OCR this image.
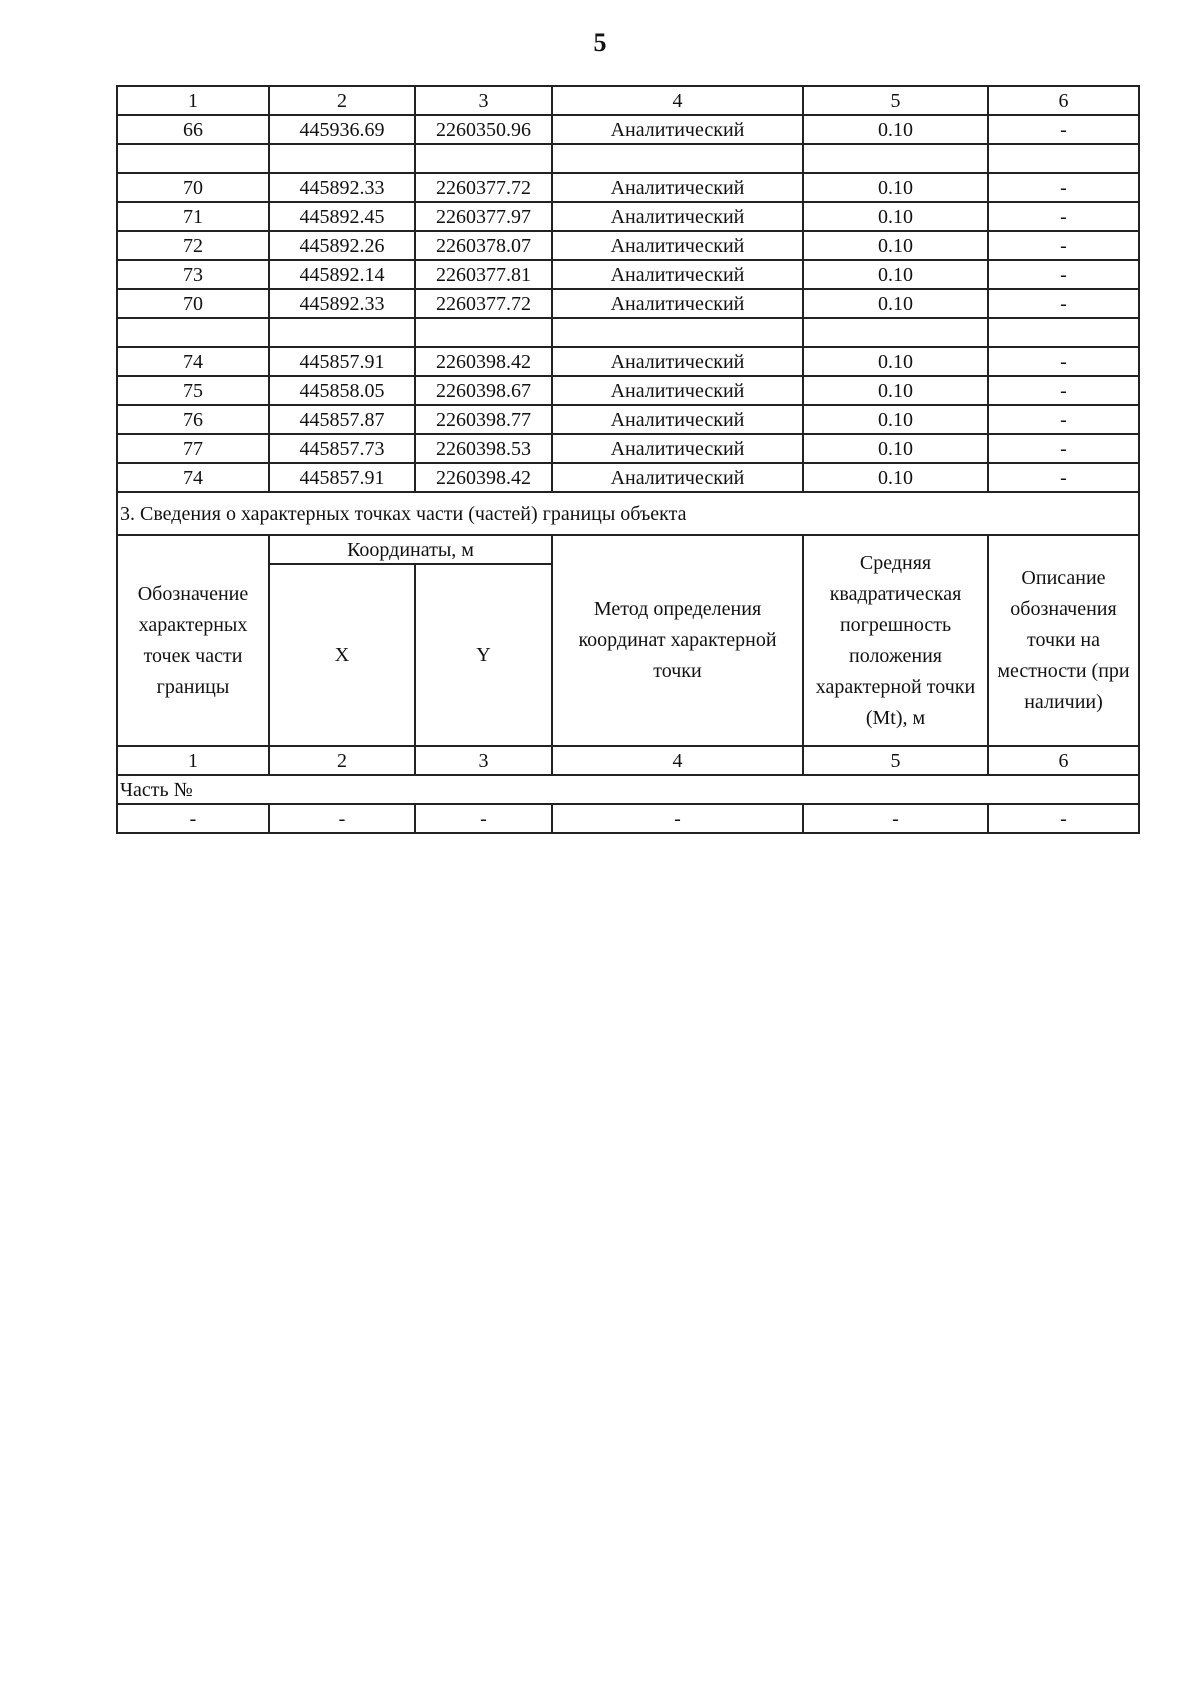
5
1	2	3	4	5	6
66	445936.69	2260350.96	Аналитический	0.10	-

70	445892.33	2260377.72	Аналитический	0.10	-
71	445892.45	2260377.97	Аналитический	0.10	-
72	445892.26	2260378.07	Аналитический	0.10	-
73	445892.14	2260377.81	Аналитический	0.10	-
70	445892.33	2260377.72	Аналитический	0.10	-

74	445857.91	2260398.42	Аналитический	0.10	-
75	445858.05	2260398.67	Аналитический	0.10	-
76	445857.87	2260398.77	Аналитический	0.10	-
77	445857.73	2260398.53	Аналитический	0.10	-
74	445857.91	2260398.42	Аналитический	0.10	-
3. Сведения о характерных точках части (частей) границы объекта					
Обозначение характерных точек части границы	Координаты, м		Метод определения координат характерной точки	Средняя квадратическая погрешность положения характерной точки (Mt), м	Описание обозначения точки на местности (при наличии)
	X	Y			
1	2	3	4	5	6
Часть №					
-	-	-	-	-	-
